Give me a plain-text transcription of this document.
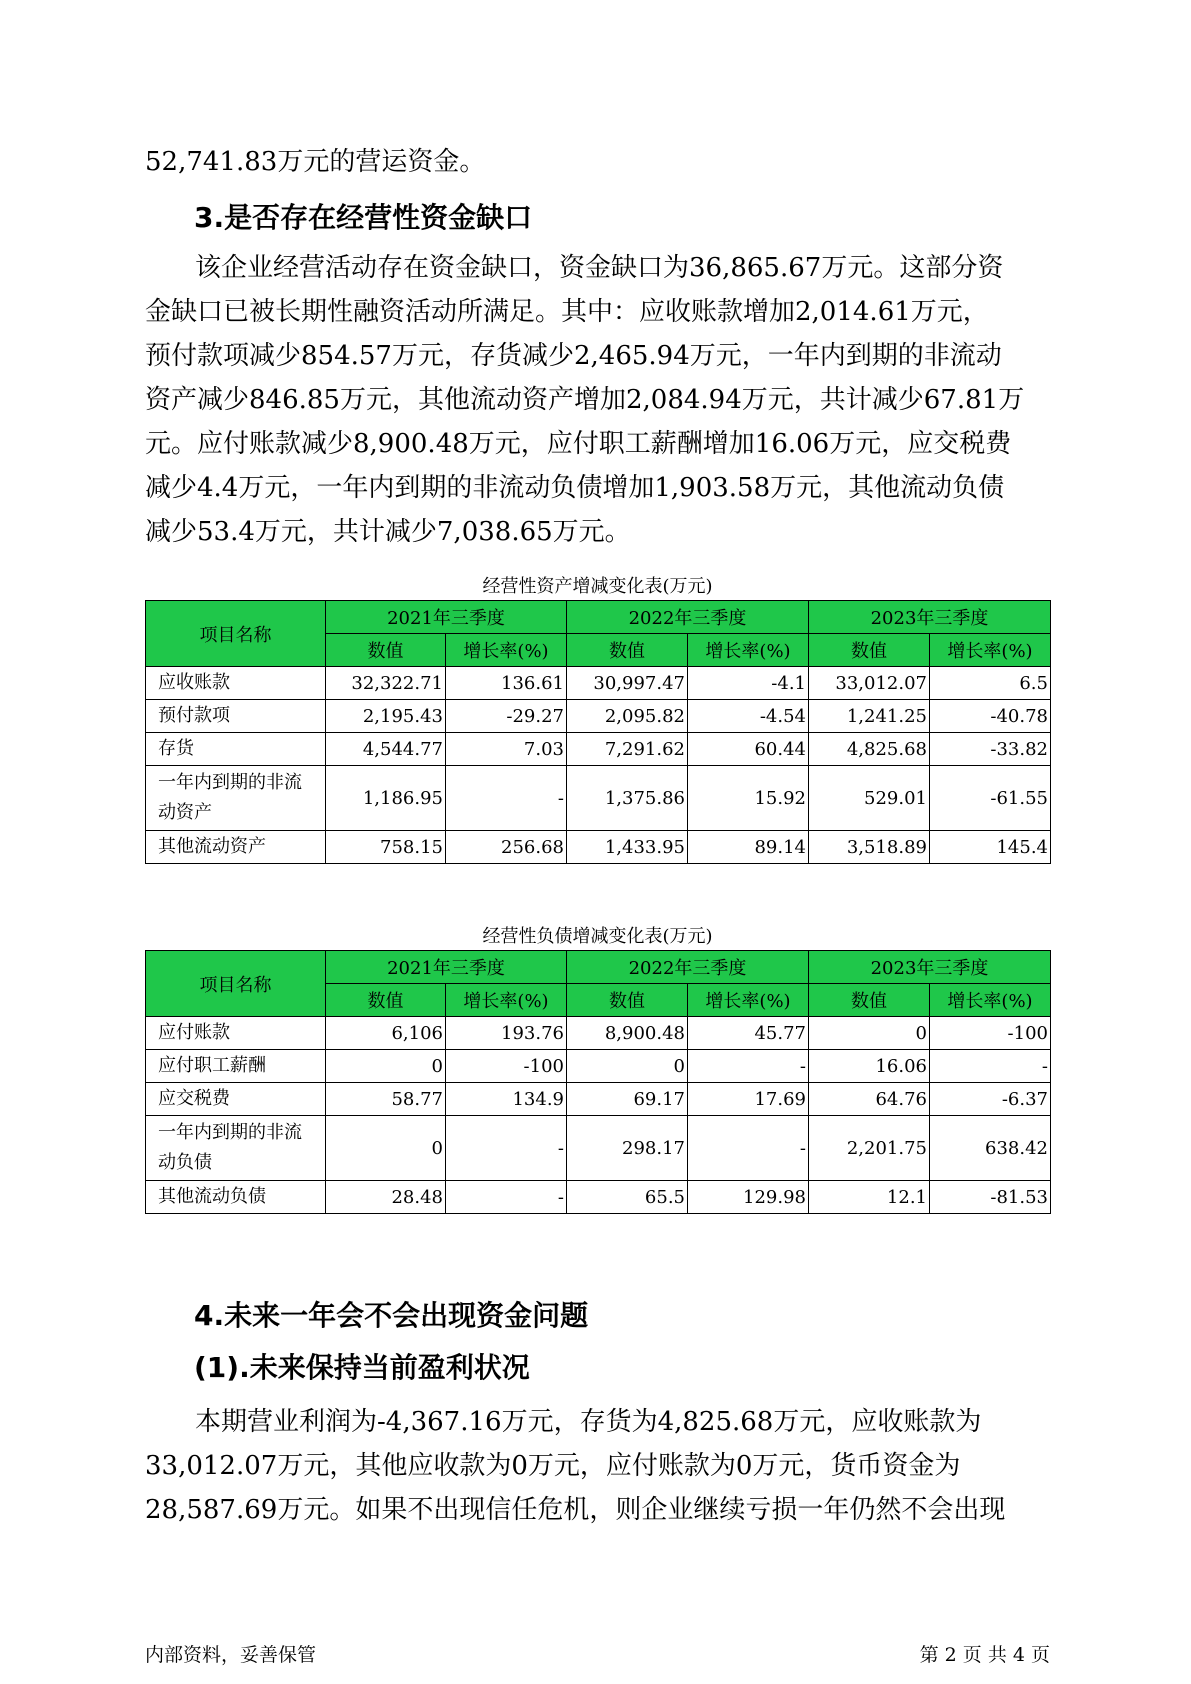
52,741.83万元的营运资金。

3.是否存在经营性资金缺口

该企业经营活动存在资金缺口，资金缺口为36,865.67万元。这部分资
金缺口已被长期性融资活动所满足。其中：应收账款增加2,014.61万元，
预付款项减少854.57万元，存货减少2,465.94万元，一年内到期的非流动
资产减少846.85万元，其他流动资产增加2,084.94万元，共计减少67.81万
元。应付账款减少8,900.48万元，应付职工薪酬增加16.06万元，应交税费
减少4.4万元，一年内到期的非流动负债增加1,903.58万元，其他流动负债
减少53.4万元，共计减少7,038.65万元。

经营性资产增减变化表(万元)

项目名称	2021年三季度		2022年三季度		2023年三季度	
	数值	增长率(%)	数值	增长率(%)	数值	增长率(%)
应收账款	32,322.71	136.61	30,997.47	-4.1	33,012.07	6.5
预付款项	2,195.43	-29.27	2,095.82	-4.54	1,241.25	-40.78
存货	4,544.77	7.03	7,291.62	60.44	4,825.68	-33.82

一年内到期的非流
动资产	1,186.95	-	1,375.86	15.92	529.01	-61.55
其他流动资产	758.15	256.68	1,433.95	89.14	3,518.89	145.4

经营性负债增减变化表(万元)

项目名称	2021年三季度		2022年三季度		2023年三季度	
	数值	增长率(%)	数值	增长率(%)	数值	增长率(%)
应付账款	6,106	193.76	8,900.48	45.77	0	-100
应付职工薪酬	0	-100	0	-	16.06	-
应交税费	58.77	134.9	69.17	17.69	64.76	-6.37

一年内到期的非流
动负债	0	-	298.17	-	2,201.75	638.42
其他流动负债	28.48	-	65.5	129.98	12.1	-81.53
4.未来一年会不会出现资金问题
(1).未来保持当前盈利状况

本期营业利润为-4,367.16万元，存货为4,825.68万元，应收账款为
33,012.07万元，其他应收款为0万元，应付账款为0万元，货币资金为
28,587.69万元。如果不出现信任危机，则企业继续亏损一年仍然不会出现

内部资料，妥善保管	第 2 页 共 4 页
